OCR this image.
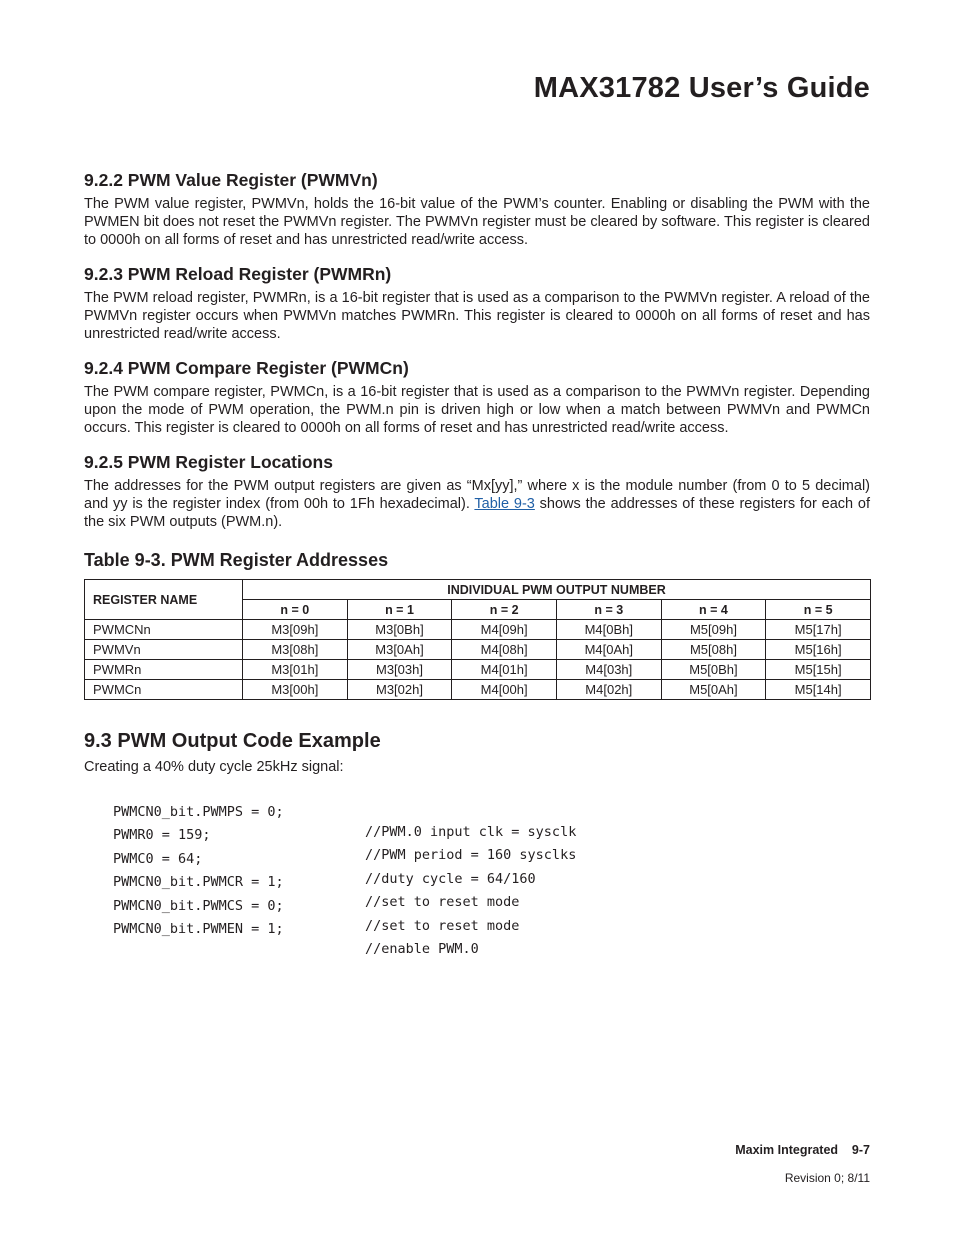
MAX31782 User’s Guide
9.2.2 PWM Value Register (PWMVn)

The PWM value register, PWMVn, holds the 16-bit value of the PWM’s counter. Enabling or disabling the PWM with the PWMEN bit does not reset the PWMVn register. The PWMVn register must be cleared by software. This register is cleared to 0000h on all forms of reset and has unrestricted read/write access.

9.2.3 PWM Reload Register (PWMRn)

The PWM reload register, PWMRn, is a 16-bit register that is used as a comparison to the PWMVn register. A reload of the PWMVn register occurs when PWMVn matches PWMRn. This register is cleared to 0000h on all forms of reset and has unrestricted read/write access.

9.2.4 PWM Compare Register (PWMCn)

The PWM compare register, PWMCn, is a 16-bit register that is used as a comparison to the PWMVn register. Depending upon the mode of PWM operation, the PWM.n pin is driven high or low when a match between PWMVn and PWMCn occurs. This register is cleared to 0000h on all forms of reset and has unrestricted read/write access.

9.2.5 PWM Register Locations

The addresses for the PWM output registers are given as “Mx[yy],” where x is the module number (from 0 to 5 decimal) and yy is the register index (from 00h to 1Fh hexadecimal). Table 9-3 shows the addresses of these registers for each of the six PWM outputs (PWM.n).

Table 9-3. PWM Register Addresses
REGISTER NAME	INDIVIDUAL PWM OUTPUT NUMBER					
	n = 0	n = 1	n = 2	n = 3	n = 4	n = 5
PWMCNn	M3[09h]	M3[0Bh]	M4[09h]	M4[0Bh]	M5[09h]	M5[17h]
PWMVn	M3[08h]	M3[0Ah]	M4[08h]	M4[0Ah]	M5[08h]	M5[16h]
PWMRn	M3[01h]	M3[03h]	M4[01h]	M4[03h]	M5[0Bh]	M5[15h]
PWMCn	M3[00h]	M3[02h]	M4[00h]	M4[02h]	M5[0Ah]	M5[14h]
9.3 PWM Output Code Example

Creating a 40% duty cycle 25kHz signal:

PWMCN0_bit.PWMPS = 0;

//PWM.0 input clk = sysclk

PWMR0 = 159;

//PWM period = 160 sysclks

PWMC0 = 64;

//duty cycle = 64/160

PWMCN0_bit.PWMCR = 1;

//set to reset mode

PWMCN0_bit.PWMCS = 0;

//set to reset mode

PWMCN0_bit.PWMEN = 1;

//enable PWM.0

Maxim Integrated    9-7

Revision 0; 8/11
